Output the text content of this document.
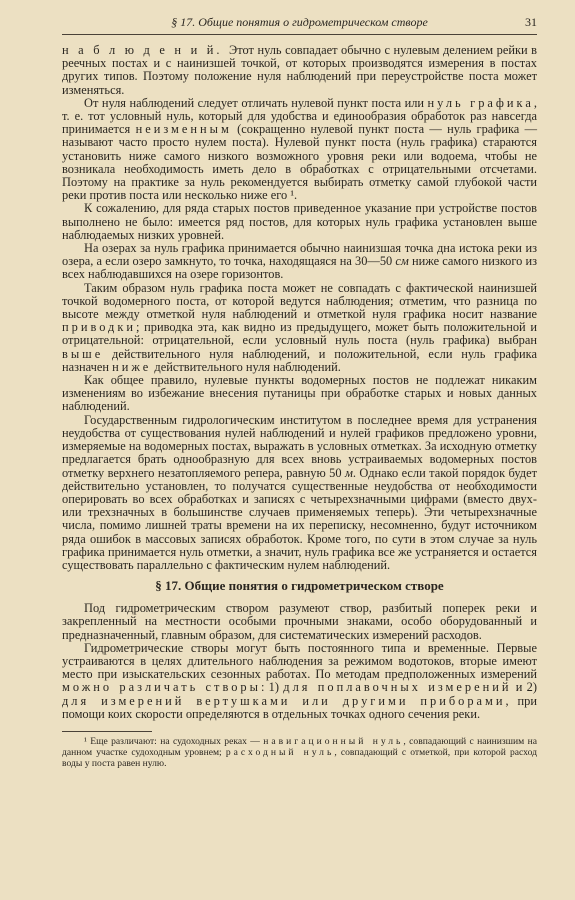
§ 17. Общие понятия о гидрометрическом створе	31

н а б л ю д е н и й. Этот нуль совпадает обычно с нулевым делением рейки в реечных постах и с наинизшей точкой, от которых производятся измерения в постах других типов. Поэтому положение нуля наблюдений при переустройстве поста может изменяться.

От нуля наблюдений следует отличать нулевой пункт поста или нуль графика, т. е. тот условный нуль, который для удобства и единообразия обработок раз навсегда принимается неизменным (сокращенно нулевой пункт поста — нуль графика — называют часто просто нулем поста). Нулевой пункт поста (нуль графика) стараются установить ниже самого низкого возможного уровня реки или водоема, чтобы не возникала необходимость иметь дело в обработках с отрицательными отсчетами. Поэтому на практике за нуль рекомендуется выбирать отметку самой глубокой части реки против поста или несколько ниже его ¹.

К сожалению, для ряда старых постов приведенное указание при устройстве постов выполнено не было: имеется ряд постов, для которых нуль графика установлен выше наблюдаемых низких уровней.

На озерах за нуль графика принимается обычно наинизшая точка дна истока реки из озера, а если озеро замкнуто, то точка, находящаяся на 30—50 см ниже самого низкого из всех наблюдавшихся на озере горизонтов.

Таким образом нуль графика поста может не совпадать с фактической наинизшей точкой водомерного поста, от которой ведутся наблюдения; отметим, что разница по высоте между отметкой нуля наблюдений и отметкой нуля графика носит название приводки; приводка эта, как видно из предыдущего, может быть положительной и отрицательной: отрицательной, если условный нуль поста (нуль графика) выбран выше действительного нуля наблюдений, и положительной, если нуль графика назначен ниже действительного нуля наблюдений.

Как общее правило, нулевые пункты водомерных постов не подлежат никаким изменениям во избежание внесения путаницы при обработке старых и новых данных наблюдений.

Государственным гидрологическим институтом в последнее время для устранения неудобства от существования нулей наблюдений и нулей графиков предложено уровни, измеряемые на водомерных постах, выражать в условных отметках. За исходную отметку предлагается брать однообразную для всех вновь устраиваемых водомерных постов отметку верхнего незатопляемого репера, равную 50 м. Однако если такой порядок будет действительно установлен, то получатся существенные неудобства от необходимости оперировать во всех обработках и записях с четырехзначными цифрами (вместо двух- или трехзначных в большинстве случаев применяемых теперь). Эти четырехзначные числа, помимо лишней траты времени на их переписку, несомненно, будут источником ряда ошибок в массовых записях обработок. Кроме того, по сути в этом случае за нуль графика принимается нуль отметки, а значит, нуль графика все же устраняется и остается существовать параллельно с фактическим нулем наблюдений.

§ 17. Общие понятия о гидрометрическом створе

Под гидрометрическим створом разумеют створ, разбитый поперек реки и закрепленный на местности особыми прочными знаками, особо оборудованный и предназначенный, главным образом, для систематических измерений расходов.

Гидрометрические створы могут быть постоянного типа и временные. Первые устраиваются в целях длительного наблюдения за режимом водотоков, вторые имеют место при изыскательских сезонных работах. По методам предположенных измерений можно различать створы: 1) для поплавочных измерений и 2) для измерений вертушками или другими приборами, при помощи коих скорости определяются в отдельных точках одного сечения реки.

¹ Еще различают: на судоходных реках — навигационный нуль, совпадающий с наинизшим на данном участке судоходным уровнем; расходный нуль, совпадающий с отметкой, при которой расход воды у поста равен нулю.
